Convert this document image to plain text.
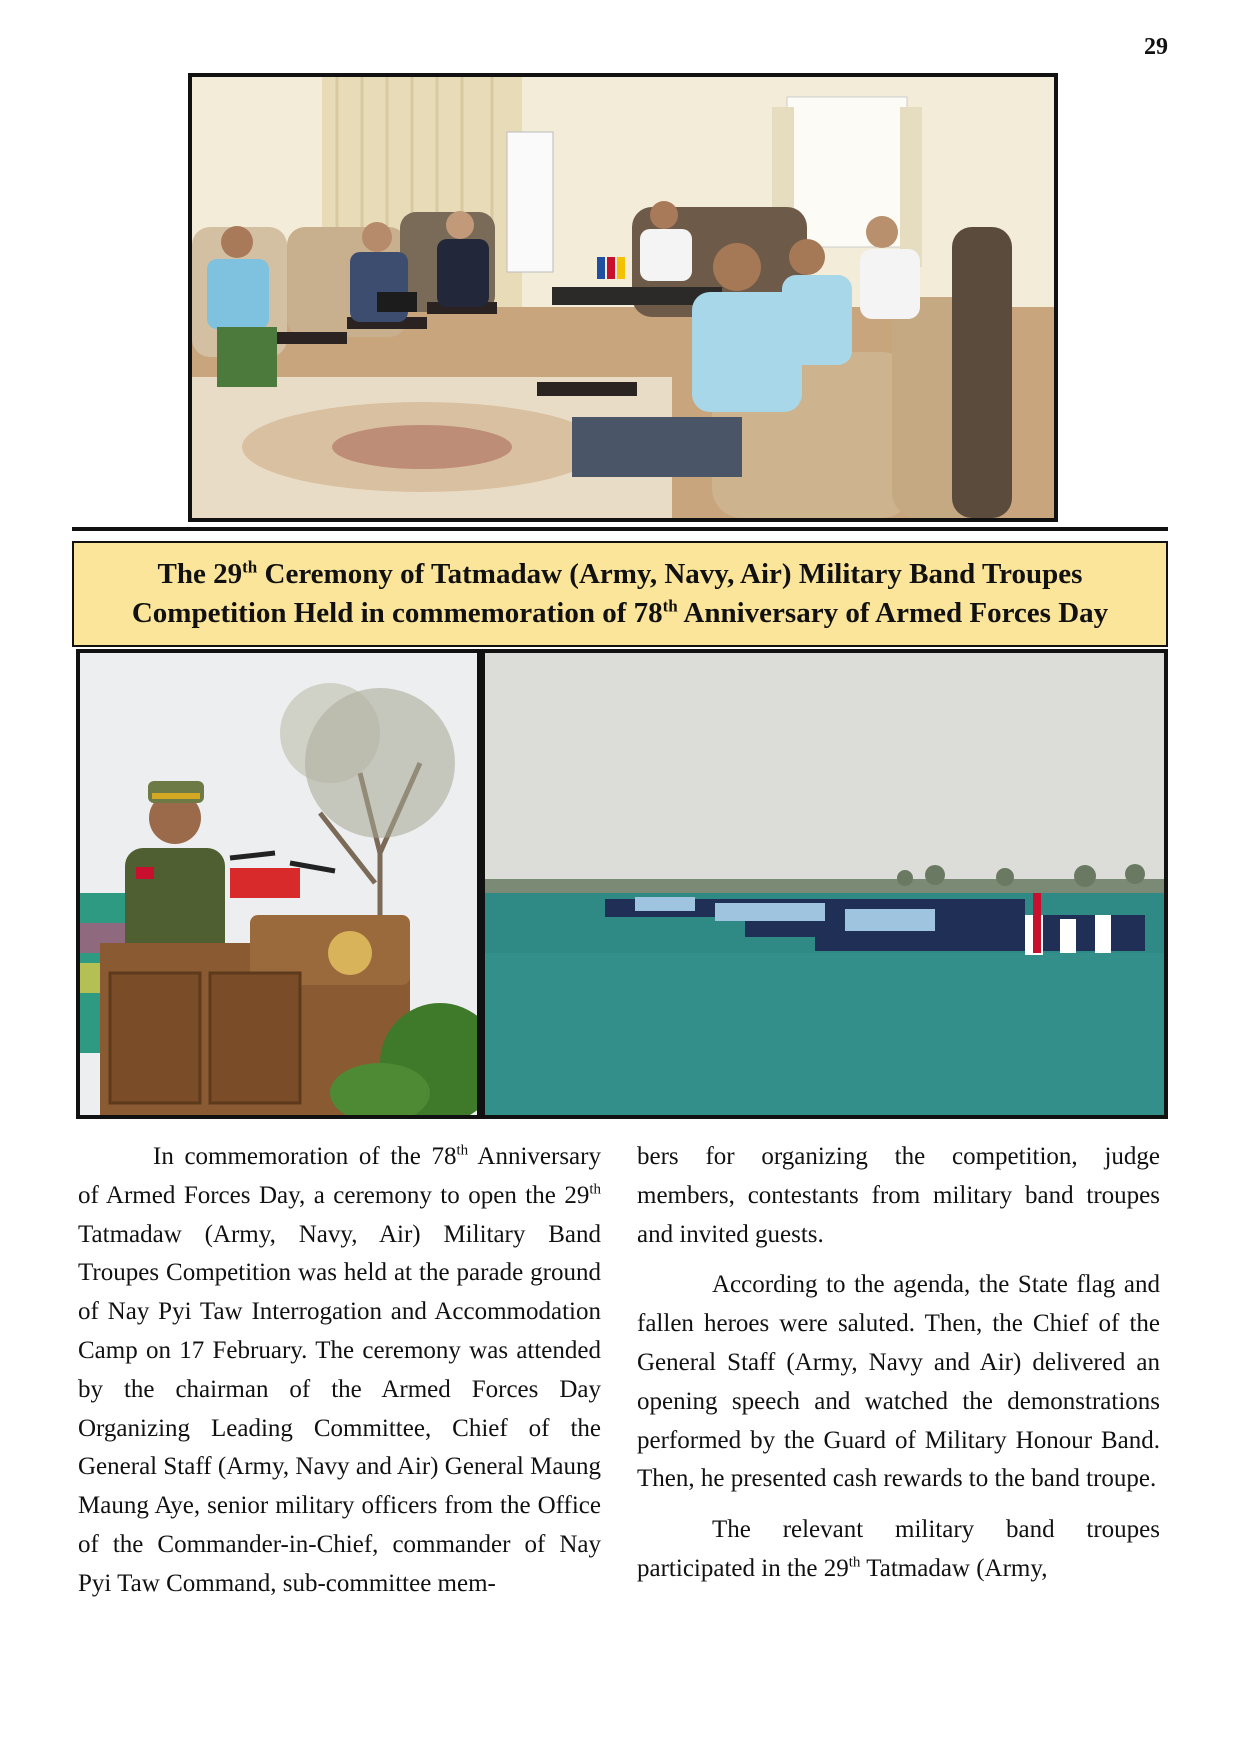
29
The 29th Ceremony of Tatmadaw (Army, Navy, Air) Military Band Troupes
Competition Held in commemoration of 78th Anniversary of Armed Forces Day

In commemoration of the 78th Anniversary of Armed Forces Day, a ceremony to open the 29th Tatmadaw (Army, Navy, Air) Military Band Troupes Competition was held at the parade ground of Nay Pyi Taw Interrogation and Accommodation Camp on 17 February. The ceremony was attended by the chairman of the Armed Forces Day Organizing Leading Committee, Chief of the General Staff (Army, Navy and Air) General Maung Maung Aye, senior military officers from the Office of the Commander-in-Chief, commander of Nay Pyi Taw Command, sub-committee mem-

bers for organizing the competition, judge members, contestants from military band troupes and invited guests.

According to the agenda, the State flag and fallen heroes were saluted. Then, the Chief of the General Staff (Army, Navy and Air) delivered an opening speech and watched the demonstrations performed by the Guard of Military Honour Band. Then, he presented cash rewards to the band troupe.

The relevant military band troupes participated in the 29th Tatmadaw (Army,
